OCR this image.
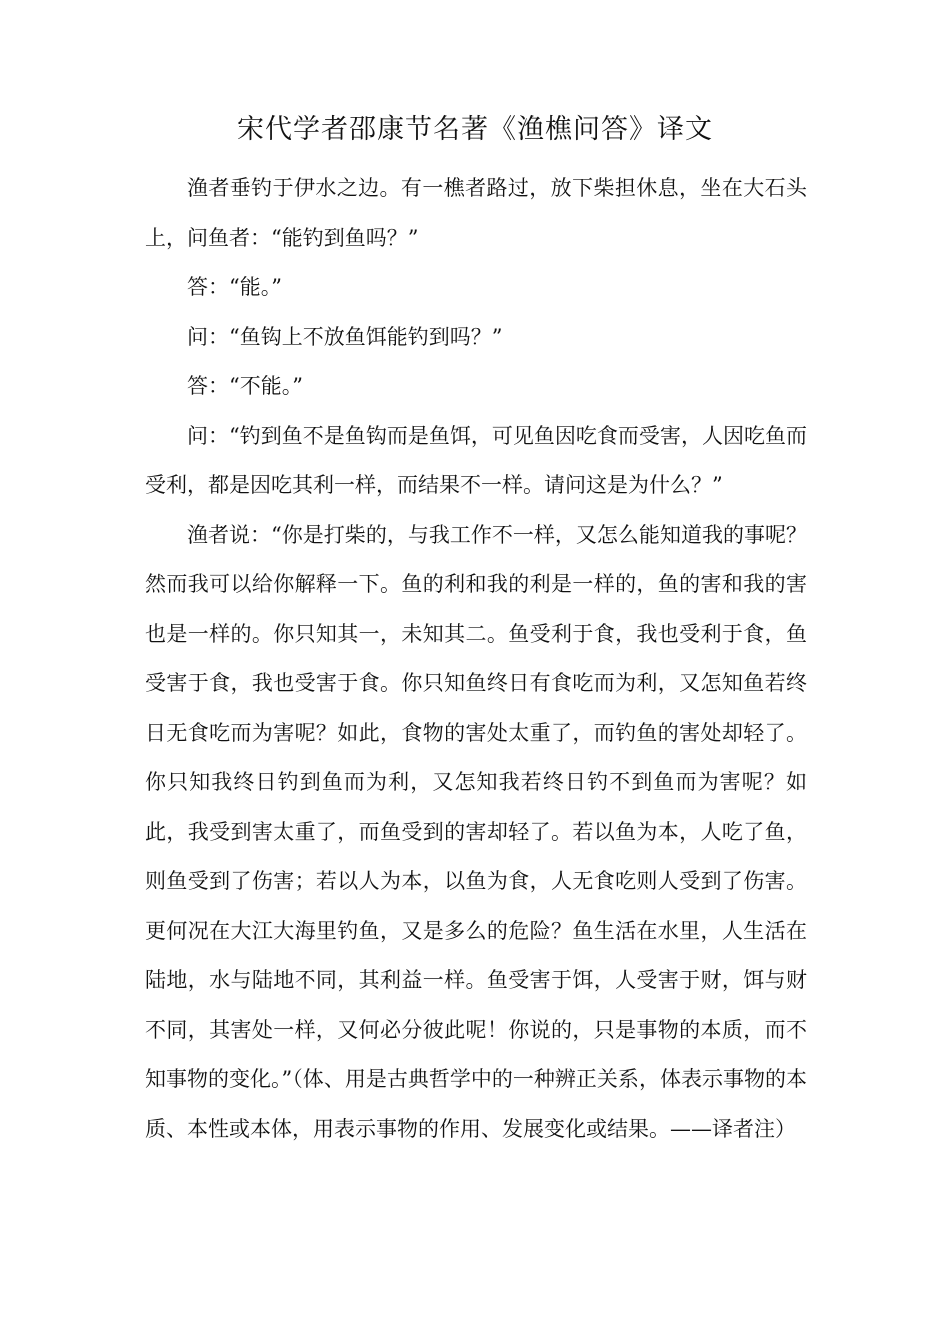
宋代学者邵康节名著《渔樵问答》译文

渔者垂钓于伊水之边。有一樵者路过，放下柴担休息，坐在大石头上，问鱼者：“能钓到鱼吗？”

答：“能。”

问：“鱼钩上不放鱼饵能钓到吗？”

答：“不能。”

问：“钓到鱼不是鱼钩而是鱼饵，可见鱼因吃食而受害，人因吃鱼而受利，都是因吃其利一样，而结果不一样。请问这是为什么？”

渔者说：“你是打柴的，与我工作不一样，又怎么能知道我的事呢？然而我可以给你解释一下。鱼的利和我的利是一样的，鱼的害和我的害也是一样的。你只知其一，未知其二。鱼受利于食，我也受利于食，鱼受害于食，我也受害于食。你只知鱼终日有食吃而为利，又怎知鱼若终日无食吃而为害呢？如此，食物的害处太重了，而钓鱼的害处却轻了。你只知我终日钓到鱼而为利，又怎知我若终日钓不到鱼而为害呢？如此，我受到害太重了，而鱼受到的害却轻了。若以鱼为本，人吃了鱼，则鱼受到了伤害；若以人为本，以鱼为食，人无食吃则人受到了伤害。更何况在大江大海里钓鱼，又是多么的危险？鱼生活在水里，人生活在陆地，水与陆地不同，其利益一样。鱼受害于饵，人受害于财，饵与财不同，其害处一样，又何必分彼此呢！你说的，只是事物的本质，而不知事物的变化。”（体、用是古典哲学中的一种辨正关系，体表示事物的本质、本性或本体，用表示事物的作用、发展变化或结果。——译者注）
